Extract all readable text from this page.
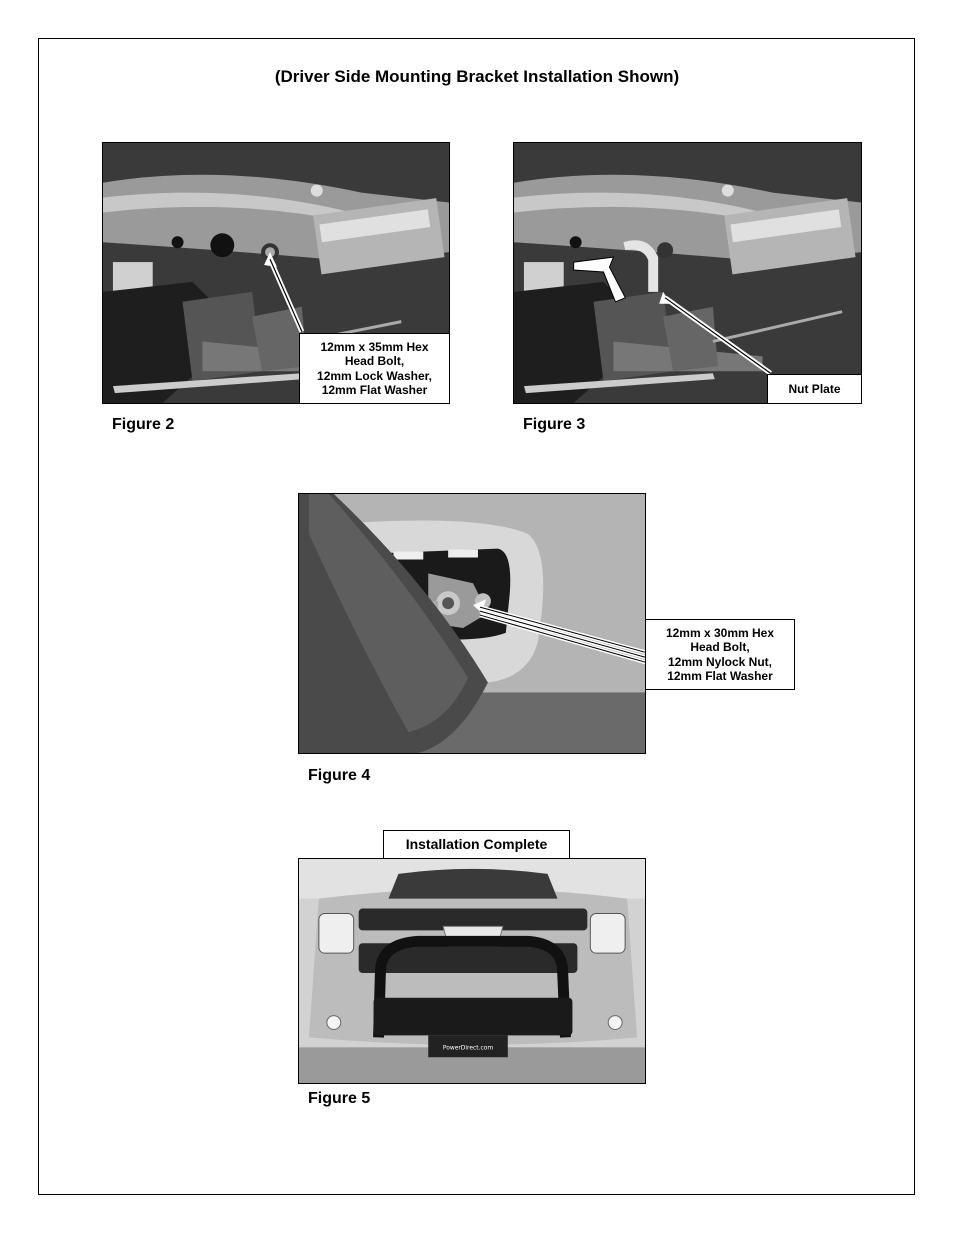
(Driver Side Mounting Bracket Installation Shown)
12mm x 35mm Hex
Head Bolt,
12mm Lock Washer,
12mm Flat Washer
Figure 2
Nut Plate
Figure 3
12mm x 30mm Hex
Head Bolt,
12mm Nylock Nut,
12mm Flat Washer
Figure 4
Installation Complete
PowerDirect.com
Figure 5
